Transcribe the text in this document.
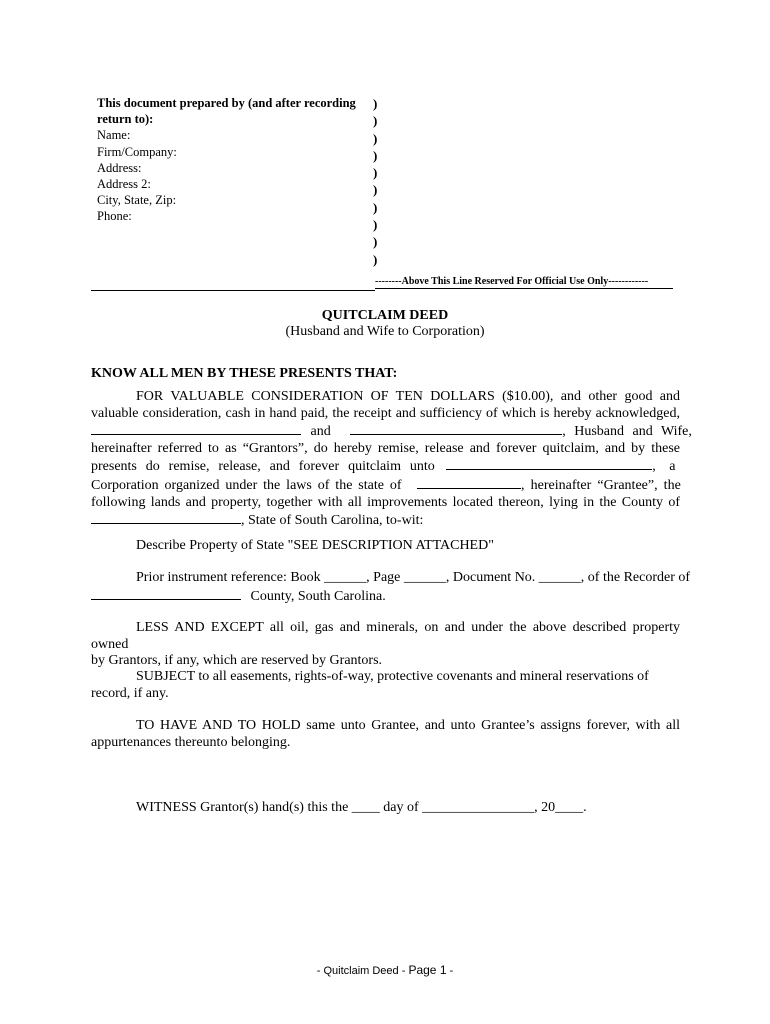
This document prepared by (and after recording
return to):
Name:
Firm/Company:
Address:
Address 2:
City, State, Zip:
Phone:
)
)
)
)
)
)
)
)
)
)
--------Above This Line Reserved For Official Use Only------------
QUITCLAIM DEED
(Husband and Wife to Corporation)
KNOW ALL MEN BY THESE PRESENTS THAT:
FOR VALUABLE CONSIDERATION OF TEN DOLLARS ($10.00), and other good and
valuable consideration, cash in hand paid, the receipt and sufficiency of which is hereby acknowledged,
and	, Husband and Wife,
hereinafter referred to as “Grantors”, do hereby remise, release and forever quitclaim, and by these
presents do remise, release, and forever quitclaim unto	, a
Corporation organized under the laws of the state of	, hereinafter “Grantee”, the
following lands and property, together with all improvements located thereon, lying in the County of
, State of South Carolina, to-wit:
Describe Property of State "SEE DESCRIPTION ATTACHED"
Prior instrument reference: Book ______, Page ______, Document No. ______, of the Recorder of
County, South Carolina.
LESS AND EXCEPT all oil, gas and minerals, on and under the above described property owned
by Grantors, if any, which are reserved by Grantors.
SUBJECT to all easements, rights-of-way, protective covenants and mineral reservations of
record, if any.
TO HAVE AND TO HOLD same unto Grantee, and unto Grantee’s assigns forever, with all
appurtenances thereunto belonging.
WITNESS Grantor(s) hand(s) this the ____ day of ________________, 20____.
- Quitclaim Deed - Page 1 -
